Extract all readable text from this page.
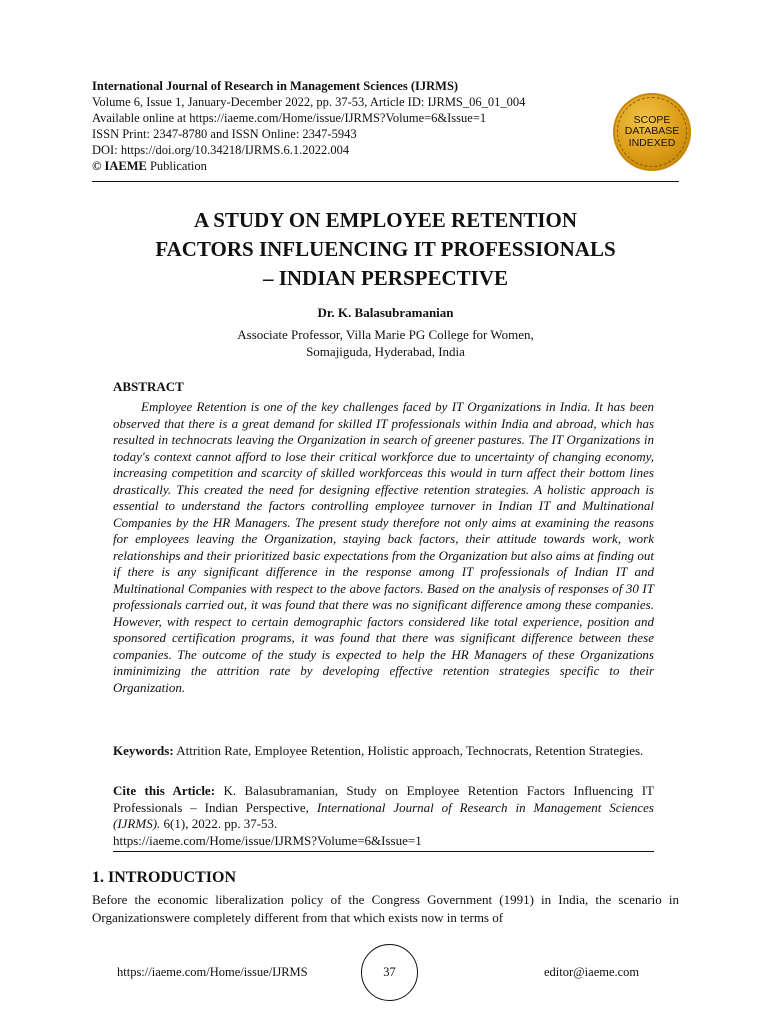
International Journal of Research in Management Sciences (IJRMS)
Volume 6, Issue 1, January-December 2022, pp. 37-53, Article ID: IJRMS_06_01_004
Available online at https://iaeme.com/Home/issue/IJRMS?Volume=6&Issue=1
ISSN Print: 2347-8780 and ISSN Online: 2347-5943
DOI: https://doi.org/10.34218/IJRMS.6.1.2022.004
© IAEME Publication
SCOPE
DATABASE
INDEXED
A STUDY ON EMPLOYEE RETENTION
FACTORS INFLUENCING IT PROFESSIONALS
– INDIAN PERSPECTIVE
Dr. K. Balasubramanian
Associate Professor, Villa Marie PG College for Women,
Somajiguda, Hyderabad, India
ABSTRACT

Employee Retention is one of the key challenges faced by IT Organizations in India. It has been observed that there is a great demand for skilled IT professionals within India and abroad, which has resulted in technocrats leaving the Organization in search of greener pastures. The IT Organizations in today's context cannot afford to lose their critical workforce due to uncertainty of changing economy, increasing competition and scarcity of skilled workforceas this would in turn affect their bottom lines drastically. This created the need for designing effective retention strategies. A holistic approach is essential to understand the factors controlling employee turnover in Indian IT and Multinational Companies by the HR Managers. The present study therefore not only aims at examining the reasons for employees leaving the Organization, staying back factors, their attitude towards work, work relationships and their prioritized basic expectations from the Organization but also aims at finding out if there is any significant difference in the response among IT professionals of Indian IT and Multinational Companies with respect to the above factors. Based on the analysis of responses of 30 IT professionals carried out, it was found that there was no significant difference among these companies. However, with respect to certain demographic factors considered like total experience, position and sponsored certification programs, it was found that there was significant difference between these companies. The outcome of the study is expected to help the HR Managers of these Organizations inminimizing the attrition rate by developing effective retention strategies specific to their Organization.

Keywords: Attrition Rate, Employee Retention, Holistic approach, Technocrats, Retention Strategies.

Cite this Article: K. Balasubramanian, Study on Employee Retention Factors Influencing IT Professionals – Indian Perspective, International Journal of Research in Management Sciences (IJRMS). 6(1), 2022. pp. 37-53.
https://iaeme.com/Home/issue/IJRMS?Volume=6&Issue=1

1. INTRODUCTION

Before the economic liberalization policy of the Congress Government (1991) in India, the scenario in Organizationswere completely different from that which exists now in terms of

https://iaeme.com/Home/issue/IJRMS	37	editor@iaeme.com
